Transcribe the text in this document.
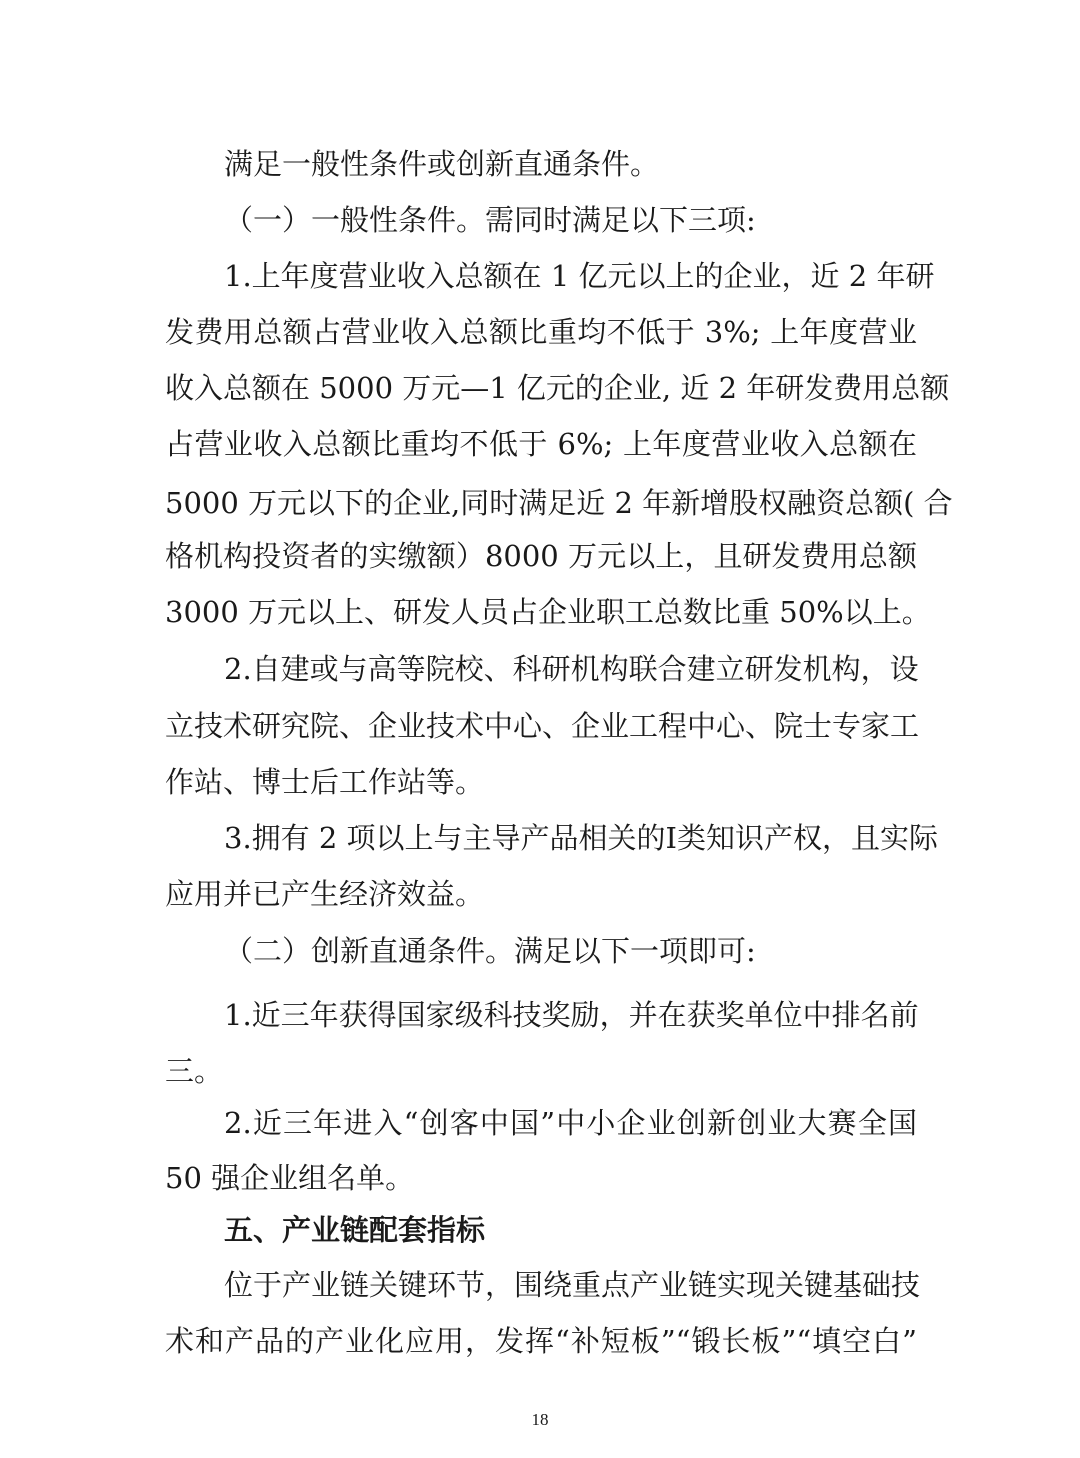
满足一般性条件或创新直通条件。
（一）一般性条件。需同时满足以下三项:
1.上年度营业收入总额在 1 亿元以上的企业，近 2 年研
发费用总额占营业收入总额比重均不低于 3%; 上年度营业
收入总额在 5000 万元—1 亿元的企业, 近 2 年研发费用总额
占营业收入总额比重均不低于 6%; 上年度营业收入总额在
5000 万元以下的企业,同时满足近 2 年新增股权融资总额( 合
格机构投资者的实缴额）8000 万元以上，且研发费用总额
3000 万元以上、研发人员占企业职工总数比重 50%以上。
2.自建或与高等院校、科研机构联合建立研发机构，设
立技术研究院、企业技术中心、企业工程中心、院士专家工
作站、博士后工作站等。
3.拥有 2 项以上与主导产品相关的I类知识产权，且实际
应用并已产生经济效益。
（二）创新直通条件。满足以下一项即可:
1.近三年获得国家级科技奖励，并在获奖单位中排名前
三。
2.近三年进入“创客中国”中小企业创新创业大赛全国
50 强企业组名单。
五、产业链配套指标
位于产业链关键环节，围绕重点产业链实现关键基础技
术和产品的产业化应用，发挥“补短板”“锻长板”“填空白”
18
